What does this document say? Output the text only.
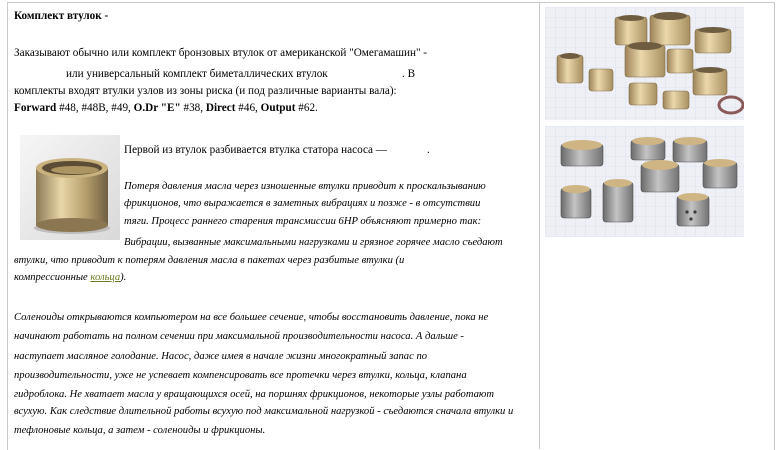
Комплект втулок -
Заказывают обычно или комплект бронзовых втулок от американской "Омегамашин" -
или универсальный комплект биметаллических втулок	. В
комплекты входят втулки узлов из зоны риска (и под различные варианты вала):
Forward #48, #48B, #49, O.Dr "E" #38, Direct #46, Output #62.
Первой из втулок разбивается втулка статора насоса —	.
Потеря давления масла через изношенные втулки приводит к проскальзыванию
фрикционов, что выражается в заметных вибрациях и позже - в отсутствии
тяги. Процесс раннего старения трансмиссии 6HP объясняют примерно так:
Вибрации, вызванные максимальными нагрузками и грязное горячее масло съедают
втулки, что приводит к потерям давления масла в пакетах через разбитые втулки (и
компрессионные кольца).
Соленоиды открываются компьютером на все большее сечение, чтобы восстановить давление, пока не
начинают работать на полном сечении при максимальной производительности насоса. А дальше -
наступает масляное голодание. Насос, даже имея в начале жизни многократный запас по
производительности, уже не успевает компенсировать все протечки через втулки, кольца, клапана
гидроблока. Не хватает масла у вращающихся осей, на поршнях фрикционов, некоторые узлы работают
всухую. Как следствие длительной работы всухую под максимальной нагрузкой - съедаются сначала втулки и
тефлоновые кольца, а затем - соленоиды и фрикционы.
